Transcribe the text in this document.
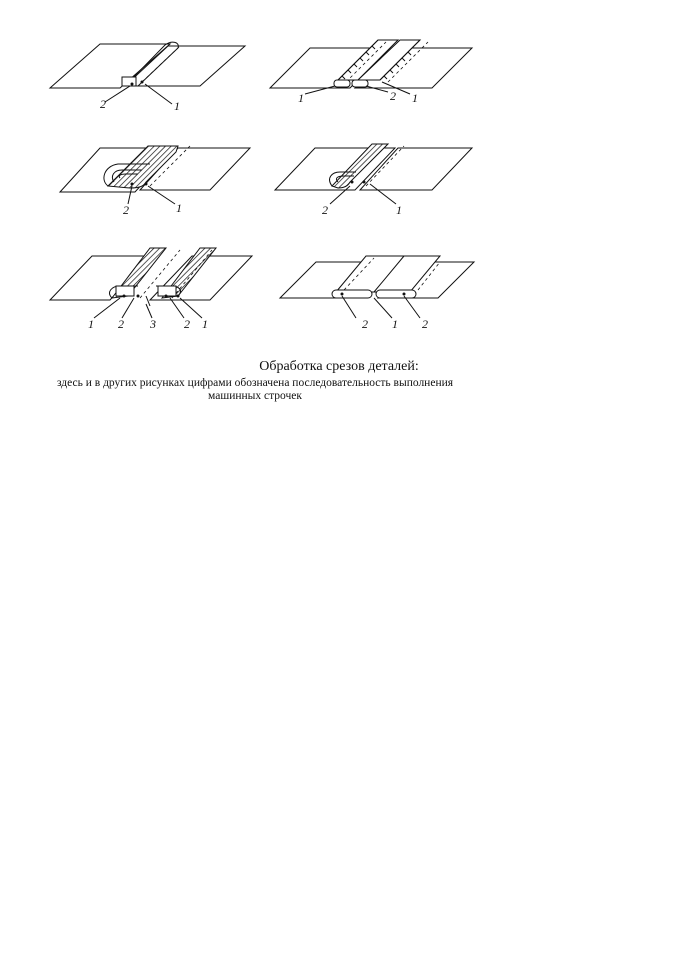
2	1
1	2 1
2	1	2	1
1 2 3 2 1	2 1 2
Обработка срезов деталей:
здесь и в других рисунках цифрами обозначена последовательность выполнения машинных строчек
